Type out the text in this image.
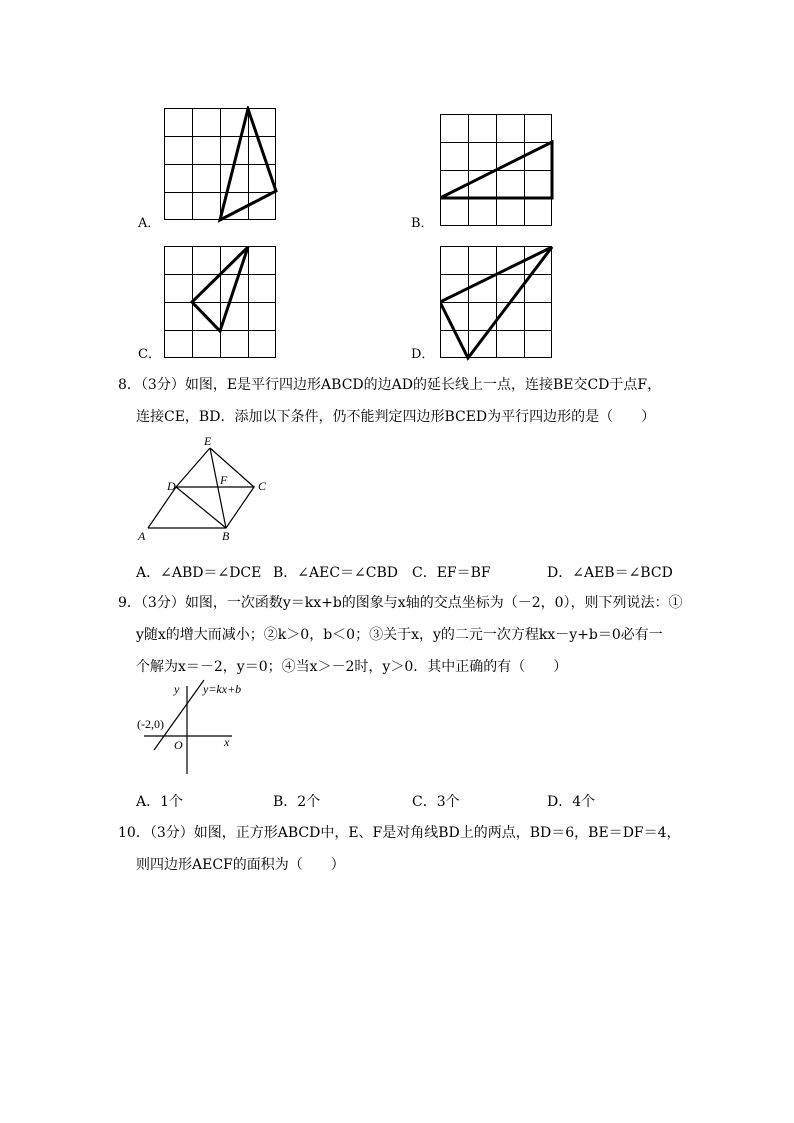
A．	B．
C．	D．
8．（3分）如图，E是平行四边形ABCD的边AD的延长线上一点，连接BE交CD于点F，
连接CE，BD．添加以下条件，仍不能判定四边形BCED为平行四边形的是（　　）
E
D	F	C
A	B
A．∠ABD＝∠DCE B．∠AEC＝∠CBD C．EF＝BF	D．∠AEB＝∠BCD
9．（3分）如图，一次函数y＝kx+b的图象与x轴的交点坐标为（－2，0），则下列说法：①
y随x的增大而减小；②k＞0，b＜0；③关于x，y的二元一次方程kx－y+b＝0必有一
个解为x＝－2，y＝0；④当x＞－2时，y＞0．其中正确的有（　　）
y y=kx+b
(-2,0)
O	x
A．1个	B．2个	C．3个	D．4个
10．（3分）如图，正方形ABCD中，E、F是对角线BD上的两点，BD＝6，BE＝DF＝4，
则四边形AECF的面积为（　　）
